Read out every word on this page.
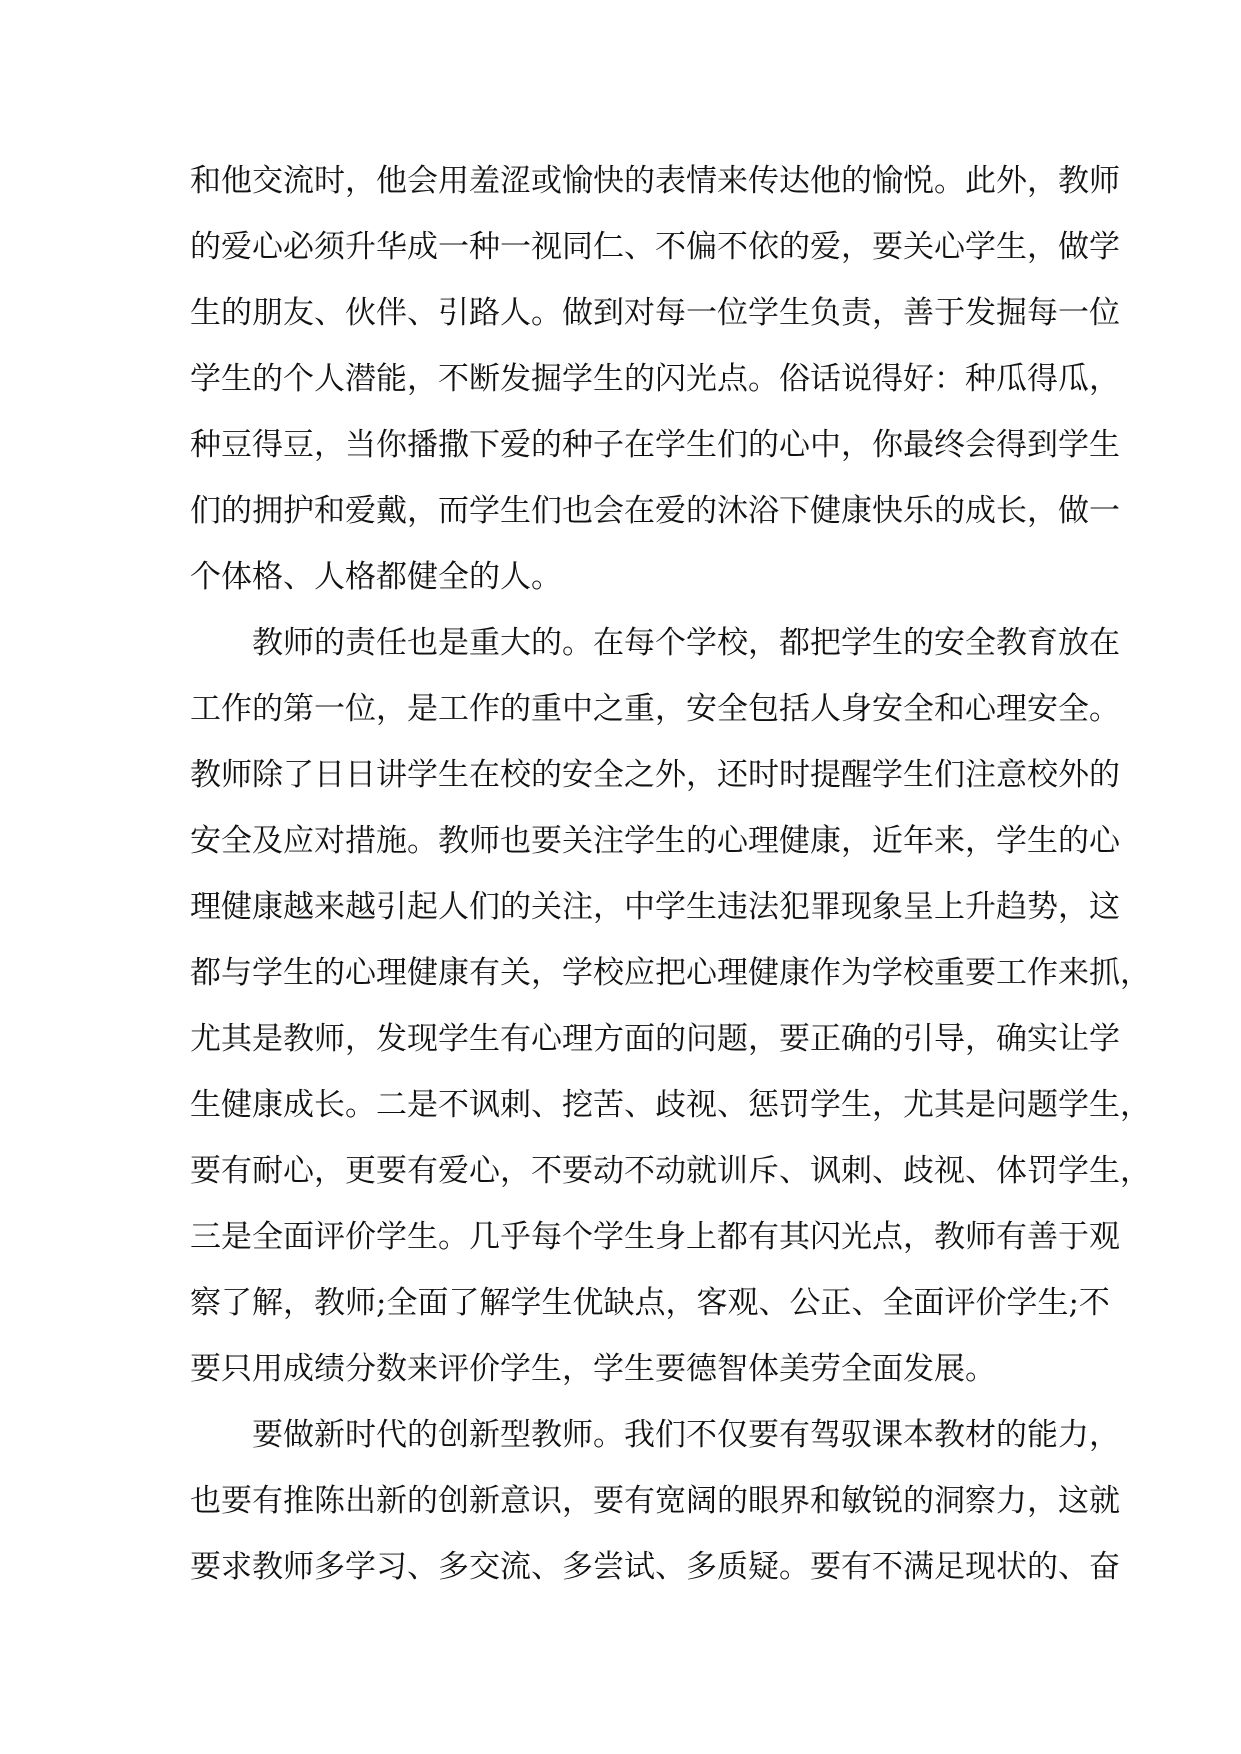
和他交流时，他会用羞涩或愉快的表情来传达他的愉悦。此外，教师
的爱心必须升华成一种一视同仁、不偏不依的爱，要关心学生，做学
生的朋友、伙伴、引路人。做到对每一位学生负责，善于发掘每一位
学生的个人潜能，不断发掘学生的闪光点。俗话说得好：种瓜得瓜，
种豆得豆，当你播撒下爱的种子在学生们的心中，你最终会得到学生
们的拥护和爱戴，而学生们也会在爱的沐浴下健康快乐的成长，做一
个体格、人格都健全的人。
教师的责任也是重大的。在每个学校，都把学生的安全教育放在
工作的第一位，是工作的重中之重，安全包括人身安全和心理安全。
教师除了日日讲学生在校的安全之外，还时时提醒学生们注意校外的
安全及应对措施。教师也要关注学生的心理健康，近年来，学生的心
理健康越来越引起人们的关注，中学生违法犯罪现象呈上升趋势，这
都与学生的心理健康有关，学校应把心理健康作为学校重要工作来抓，
尤其是教师，发现学生有心理方面的问题，要正确的引导，确实让学
生健康成长。二是不讽刺、挖苦、歧视、惩罚学生，尤其是问题学生，
要有耐心，更要有爱心，不要动不动就训斥、讽刺、歧视、体罚学生，
三是全面评价学生。几乎每个学生身上都有其闪光点，教师有善于观
察了解，教师;全面了解学生优缺点，客观、公正、全面评价学生;不
要只用成绩分数来评价学生，学生要德智体美劳全面发展。
要做新时代的创新型教师。我们不仅要有驾驭课本教材的能力，
也要有推陈出新的创新意识，要有宽阔的眼界和敏锐的洞察力，这就
要求教师多学习、多交流、多尝试、多质疑。要有不满足现状的、奋
